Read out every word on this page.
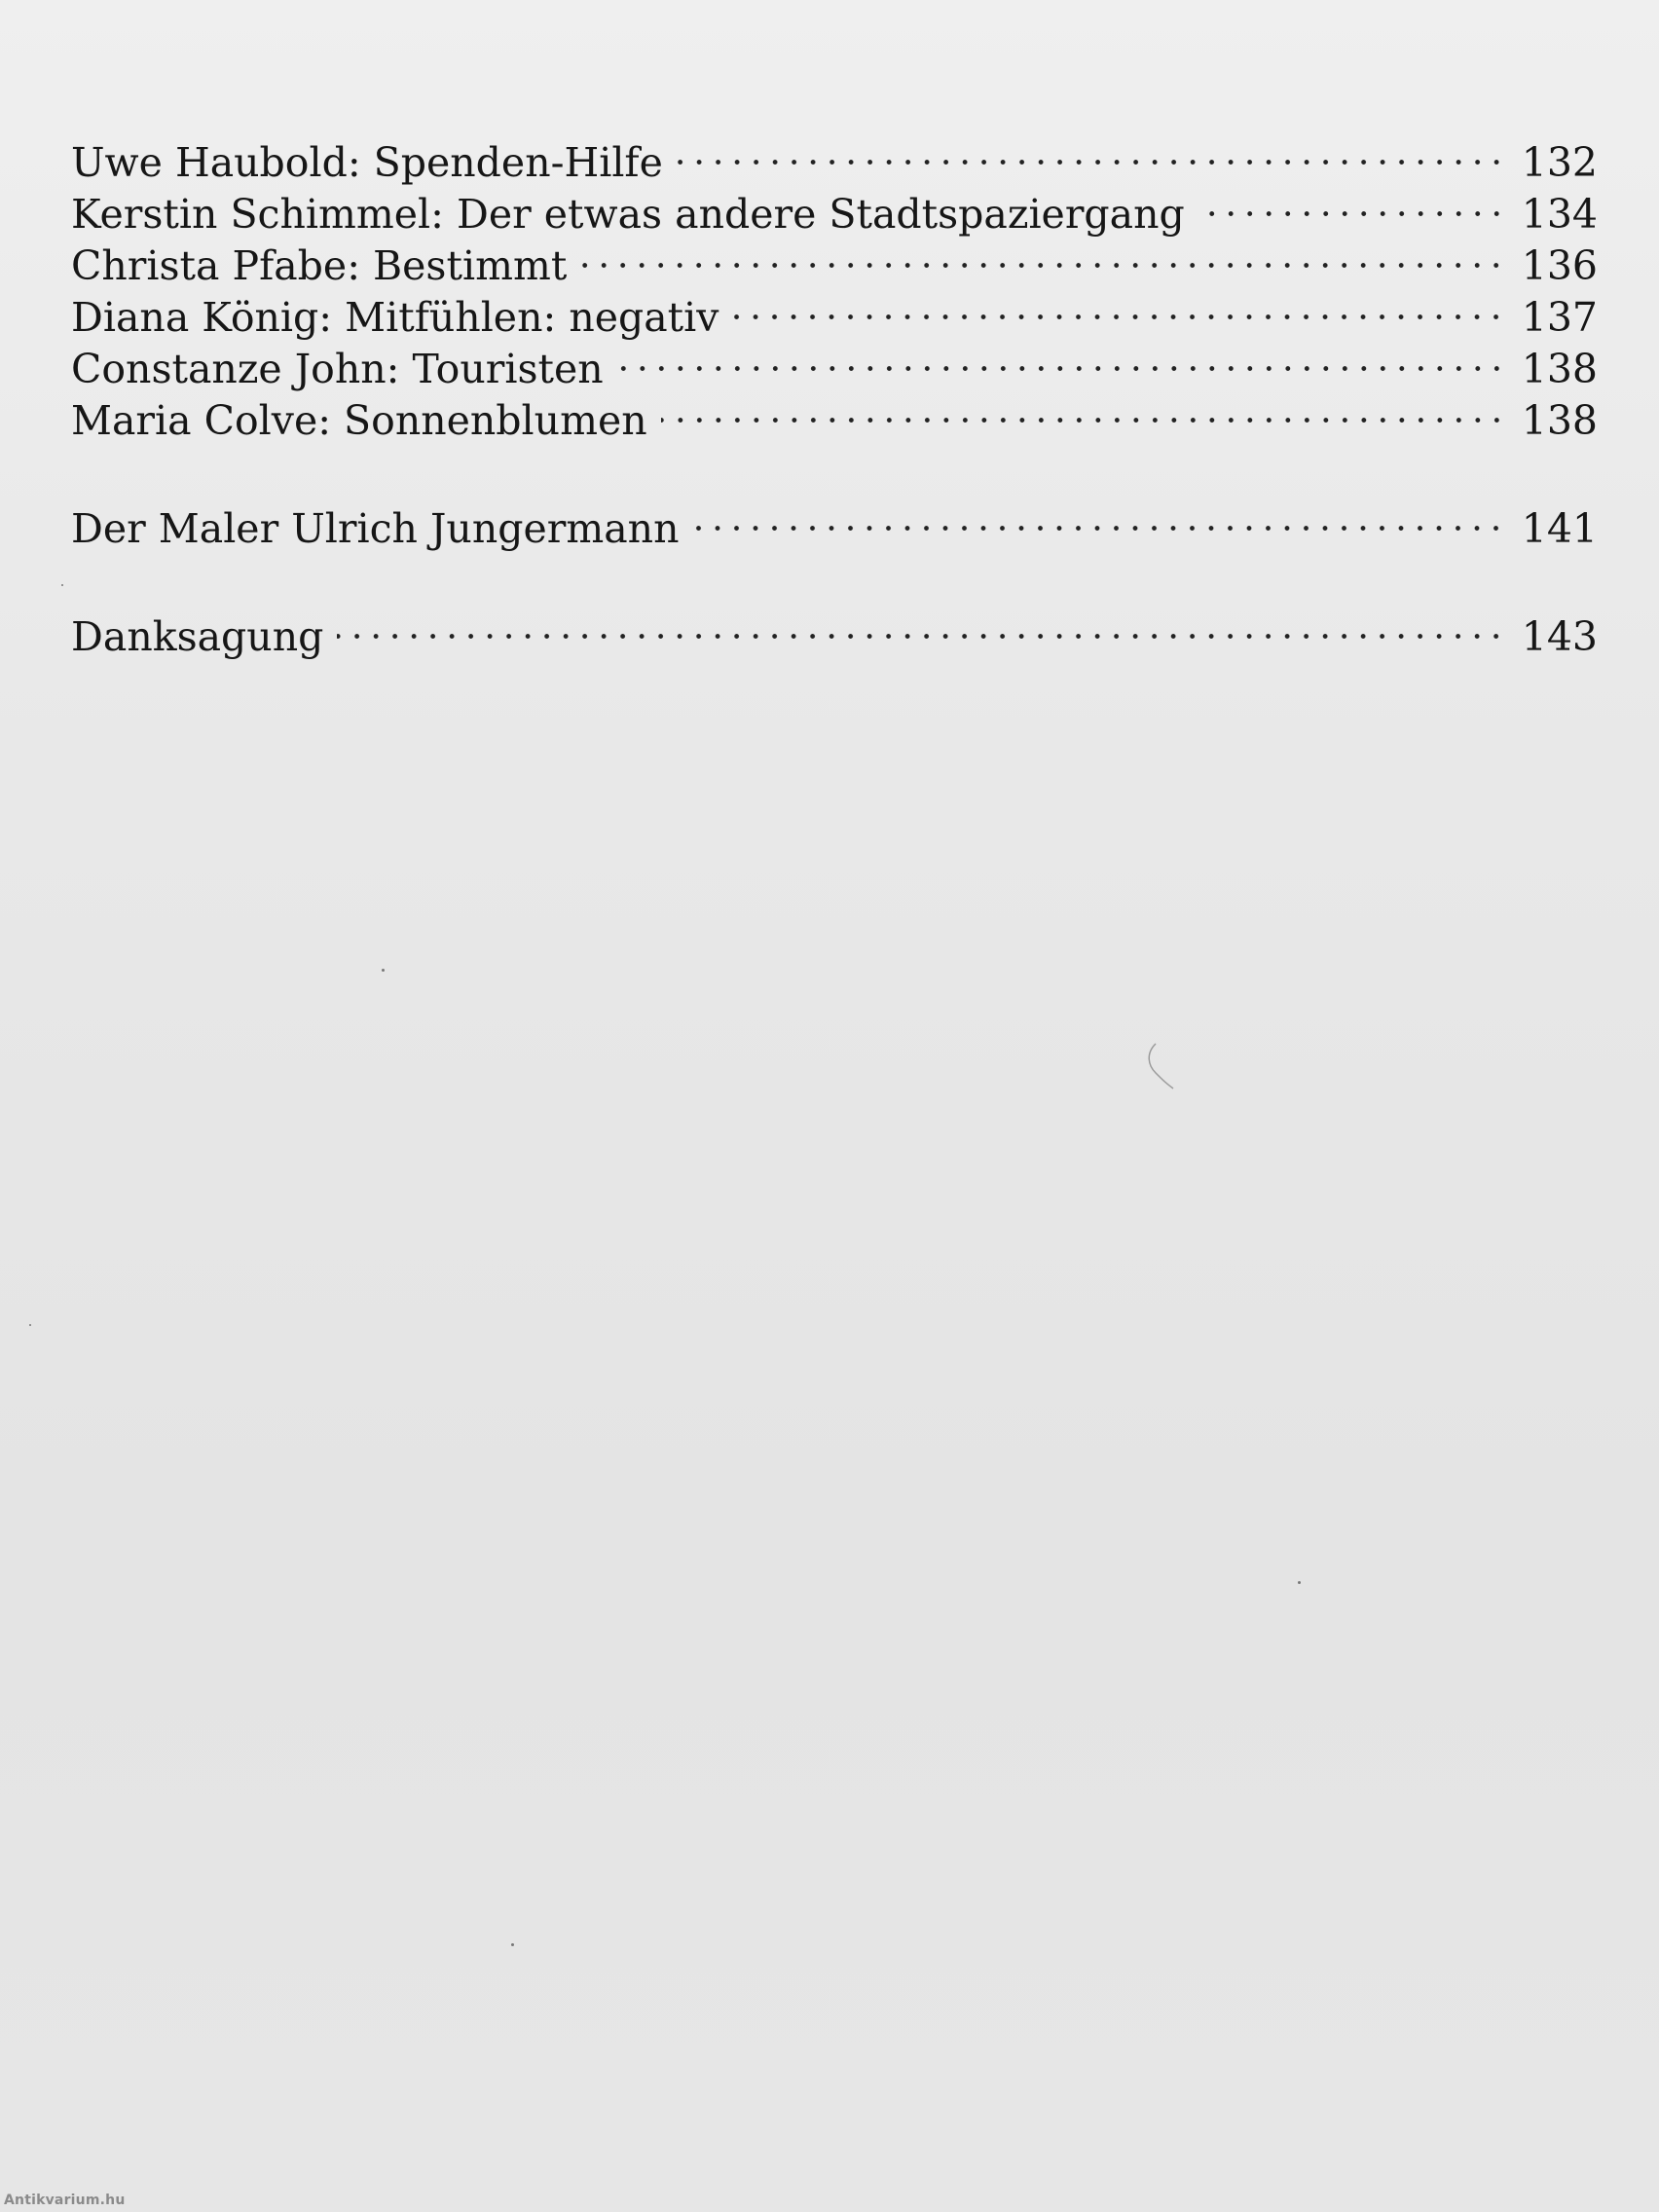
Uwe Haubold: Spenden-Hilfe	132
Kerstin Schimmel: Der etwas andere Stadtspaziergang	134
Christa Pfabe: Bestimmt	136
Diana König: Mitfühlen: negativ	137
Constanze John: Touristen	138
Maria Colve: Sonnenblumen	138
Der Maler Ulrich Jungermann	141
Danksagung	143
Antikvarium.hu
